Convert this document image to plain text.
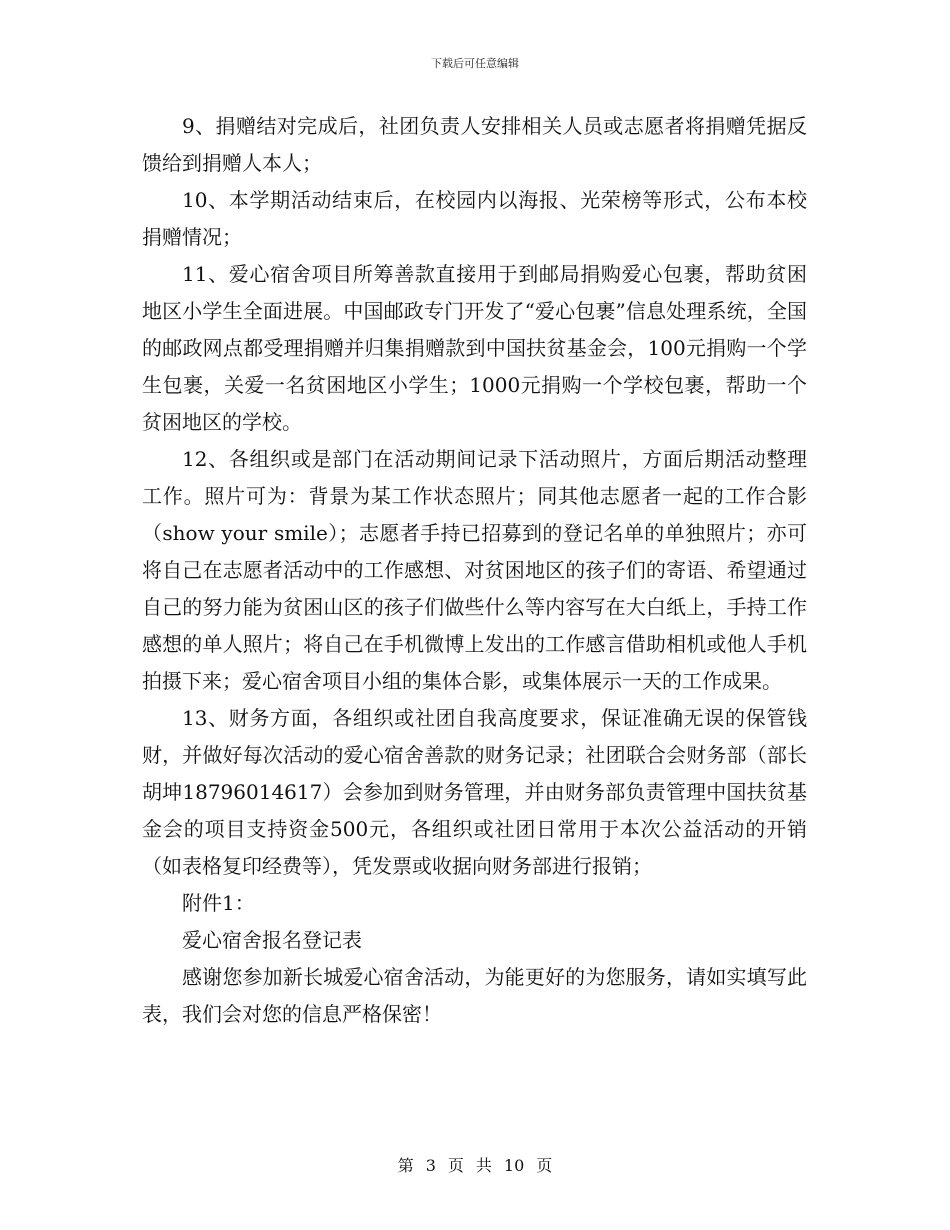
下载后可任意编辑

9、捐赠结对完成后，社团负责人安排相关人员或志愿者将捐赠凭据反馈给到捐赠人本人；

10、本学期活动结束后，在校园内以海报、光荣榜等形式，公布本校捐赠情况；

11、爱心宿舍项目所筹善款直接用于到邮局捐购爱心包裹，帮助贫困地区小学生全面进展。中国邮政专门开发了“爱心包裹”信息处理系统，全国的邮政网点都受理捐赠并归集捐赠款到中国扶贫基金会，100元捐购一个学生包裹，关爱一名贫困地区小学生；1000元捐购一个学校包裹，帮助一个贫困地区的学校。

12、各组织或是部门在活动期间记录下活动照片，方面后期活动整理工作。照片可为：背景为某工作状态照片；同其他志愿者一起的工作合影（show your smile）；志愿者手持已招募到的登记名单的单独照片；亦可将自己在志愿者活动中的工作感想、对贫困地区的孩子们的寄语、希望通过自己的努力能为贫困山区的孩子们做些什么等内容写在大白纸上，手持工作感想的单人照片；将自己在手机微博上发出的工作感言借助相机或他人手机拍摄下来；爱心宿舍项目小组的集体合影，或集体展示一天的工作成果。

13、财务方面，各组织或社团自我高度要求，保证准确无误的保管钱财，并做好每次活动的爱心宿舍善款的财务记录；社团联合会财务部（部长胡坤18796014617）会参加到财务管理，并由财务部负责管理中国扶贫基金会的项目支持资金500元，各组织或社团日常用于本次公益活动的开销（如表格复印经费等），凭发票或收据向财务部进行报销；

附件1：

爱心宿舍报名登记表

感谢您参加新长城爱心宿舍活动，为能更好的为您服务，请如实填写此表，我们会对您的信息严格保密！

第 3 页 共 10 页
